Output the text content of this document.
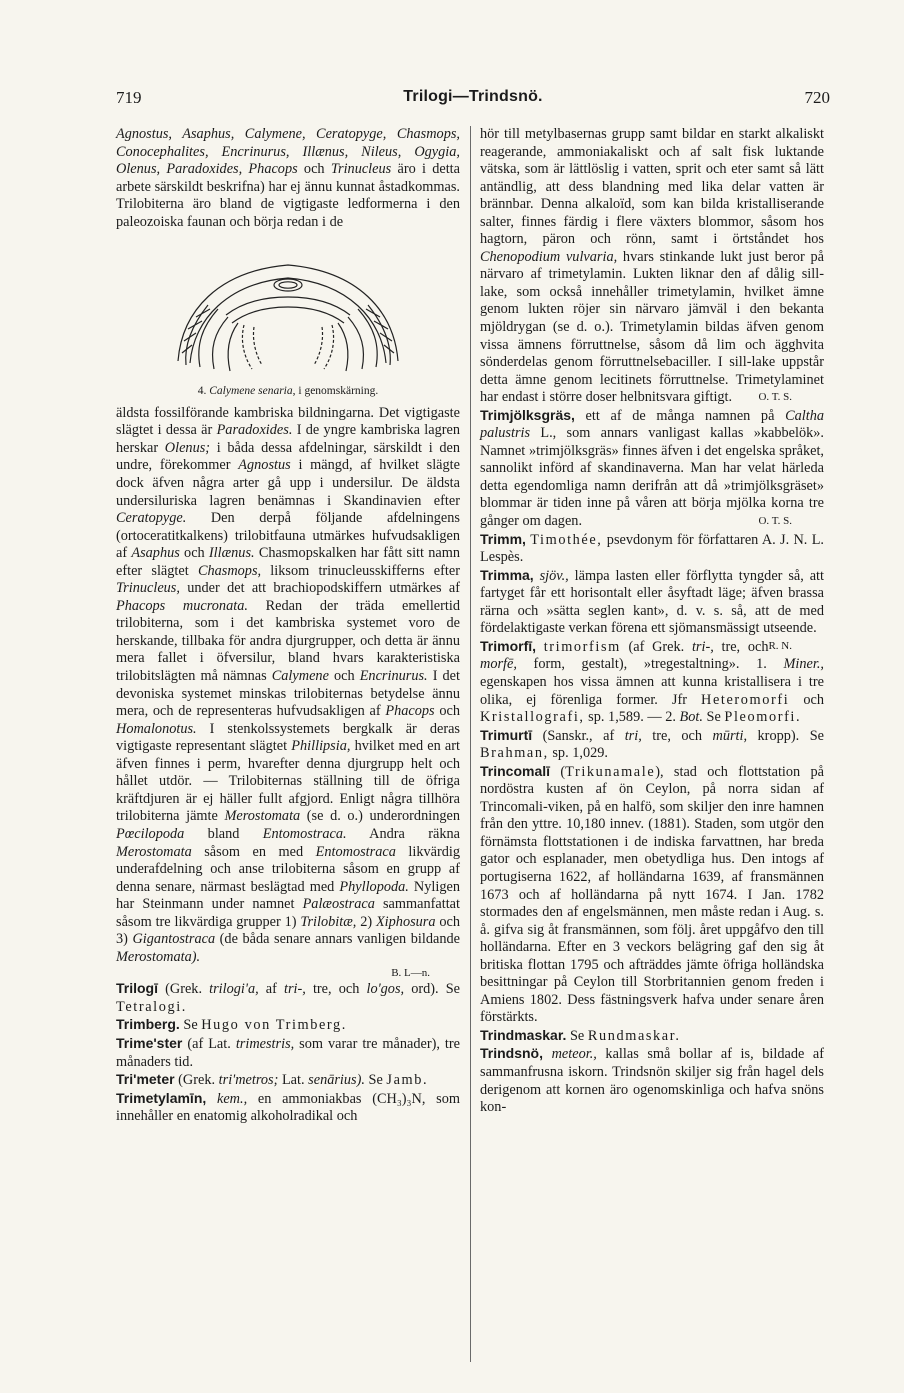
719	Trilogi—Trindsnö.	720

Agnostus, Asaphus, Calymene, Ceratopyge, Chasmops, Conocephalites, Encrinurus, Illænus, Nileus, Ogygia, Olenus, Paradoxides, Phacops och Trinucleus äro i detta arbete särskildt beskrifna) har ej ännu kunnat åstadkommas. Trilobiterna äro bland de vigtigaste ledformerna i den paleozoiska faunan och börja redan i de

4. Calymene senaria, i genomskärning.

äldsta fossilförande kambriska bildningarna. Det vigtigaste slägtet i dessa är Paradoxides. I de yngre kambriska lagren herskar Olenus; i båda dessa afdelningar, särskildt i den undre, förekommer Agnostus i mängd, af hvilket slägte dock äfven några arter gå upp i undersilur. De äldsta undersiluriska lagren benämnas i Skandinavien efter Ceratopyge. Den derpå följande afdelningens (ortoceratitkalkens) trilobitfauna utmärkes hufvudsakligen af Asaphus och Illænus. Chasmopskalken har fått sitt namn efter slägtet Chasmops, liksom trinucleusskifferns efter Trinucleus, under det att brachiopodskiffern utmärkes af Phacops mucronata. Redan der träda emellertid trilobiterna, som i det kambriska systemet voro de herskande, tillbaka för andra djurgrupper, och detta är ännu mera fallet i öfversilur, bland hvars karakteristiska trilobitslägten må nämnas Calymene och Encrinurus. I det devoniska systemet minskas trilobiternas betydelse ännu mera, och de representeras hufvudsakligen af Phacops och Homalonotus. I stenkolssystemets bergkalk är deras vigtigaste representant slägtet Phillipsia, hvilket med en art äfven finnes i perm, hvarefter denna djurgrupp helt och hållet utdör. — Trilobiternas ställning till de öfriga kräftdjuren är ej häller fullt afgjord. Enligt några tillhöra trilobiterna jämte Merostomata (se d. o.) underordningen Pœcilopoda bland Entomostraca. Andra räkna Merostomata såsom en med Entomostraca likvärdig underafdelning och anse trilobiterna såsom en grupp af denna senare, närmast beslägtad med Phyllopoda. Nyligen har Steinmann under namnet Palæostraca sammanfattat såsom tre likvärdiga grupper 1) Trilobitæ, 2) Xiphosura och 3) Gigantostraca (de båda senare annars vanligen bildande Merostomata).

B. L—n.

Trilogī (Grek. trilogi'a, af tri-, tre, och lo'gos, ord). Se Tetralogi.

Trimberg. Se Hugo von Trimberg.

Trime'ster (af Lat. trimestris, som varar tre månader), tre månaders tid.

Tri'meter (Grek. tri'metros; Lat. senārius). Se Jamb.

Trimetylamīn, kem., en ammoniakbas (CH₃)₃N, som innehåller en enatomig alkoholradikal och

hör till metylbasernas grupp samt bildar en starkt alkaliskt reagerande, ammoniakaliskt och af salt fisk luktande vätska, som är lättlöslig i vatten, sprit och eter samt så lätt antändlig, att dess blandning med lika delar vatten är brännbar. Denna alkaloïd, som kan bilda kristalliserande salter, finnes färdig i flere växters blommor, såsom hos hagtorn, päron och rönn, samt i örtståndet hos Chenopodium vulvaria, hvars stinkande lukt just beror på närvaro af trimetylamin. Lukten liknar den af dålig sill-lake, som också innehåller trimetylamin, hvilket ämne genom lukten röjer sin närvaro jämväl i den bekanta mjöldrygan (se d. o.). Trimetylamin bildas äfven genom vissa ämnens förruttnelse, såsom då lim och ägghvita sönderdelas genom förruttnelsebaciller. I sill-lake uppstår detta ämne genom lecitinets förruttnelse. Trimetylaminet har endast i större doser helbnitsvara giftigt. O. T. S.

Trimjölksgräs, ett af de många namnen på Caltha palustris L., som annars vanligast kallas »kabbelök». Namnet »trimjölksgräs» finnes äfven i det engelska språket, sannolikt införd af skandinaverna. Man har velat härleda detta egendomliga namn derifrån att då »trimjölksgräset» blommar är tiden inne på våren att börja mjölka korna tre gånger om dagen.	O. T. S.

Trimm, Timothée, psevdonym för författaren A. J. N. L. Lespès.

Trimma, sjöv., lämpa lasten eller förflytta tyngder så, att fartyget får ett horisontalt eller åsyftadt läge; äfven brassa rärna och »sätta seglen kant», d. v. s. så, att de med fördelaktigaste verkan förena ett sjömansmässigt utseende.
R. N.

Trimorfī, trimorfism (af Grek. tri-, tre, och morfē, form, gestalt), »tregestaltning». 1. Miner., egenskapen hos vissa ämnen att kunna kristallisera i tre olika, ej förenliga former. Jfr Heteromorfi och Kristallografi, sp. 1,589. — 2. Bot. Se Pleomorfi.

Trimurtī (Sanskr., af tri, tre, och mūrti, kropp). Se Brahman, sp. 1,029.

Trincomalī (Trikunamale), stad och flottstation på nordöstra kusten af ön Ceylon, på norra sidan af Trincomali-viken, på en halfö, som skiljer den inre hamnen från den yttre. 10,180 innev. (1881). Staden, som utgör den förnämsta flottstationen i de indiska farvattnen, har breda gator och esplanader, men obetydliga hus. Den intogs af portugiserna 1622, af holländarna 1639, af fransmännen 1673 och af holländarna på nytt 1674. I Jan. 1782 stormades den af engelsmännen, men måste redan i Aug. s. å. gifva sig åt fransmännen, som följ. året uppgåfvo den till holländarna. Efter en 3 veckors belägring gaf den sig åt britiska flottan 1795 och afträddes jämte öfriga holländska besittningar på Ceylon till Storbritannien genom freden i Amiens 1802. Dess fästningsverk hafva under senare åren förstärkts.

Trindmaskar. Se Rundmaskar.

Trindsnö, meteor., kallas små bollar af is, bildade af sammanfrusna iskorn. Trindsnön skiljer sig från hagel dels derigenom att kornen äro ogenomskinliga och hafva snöns kon-
